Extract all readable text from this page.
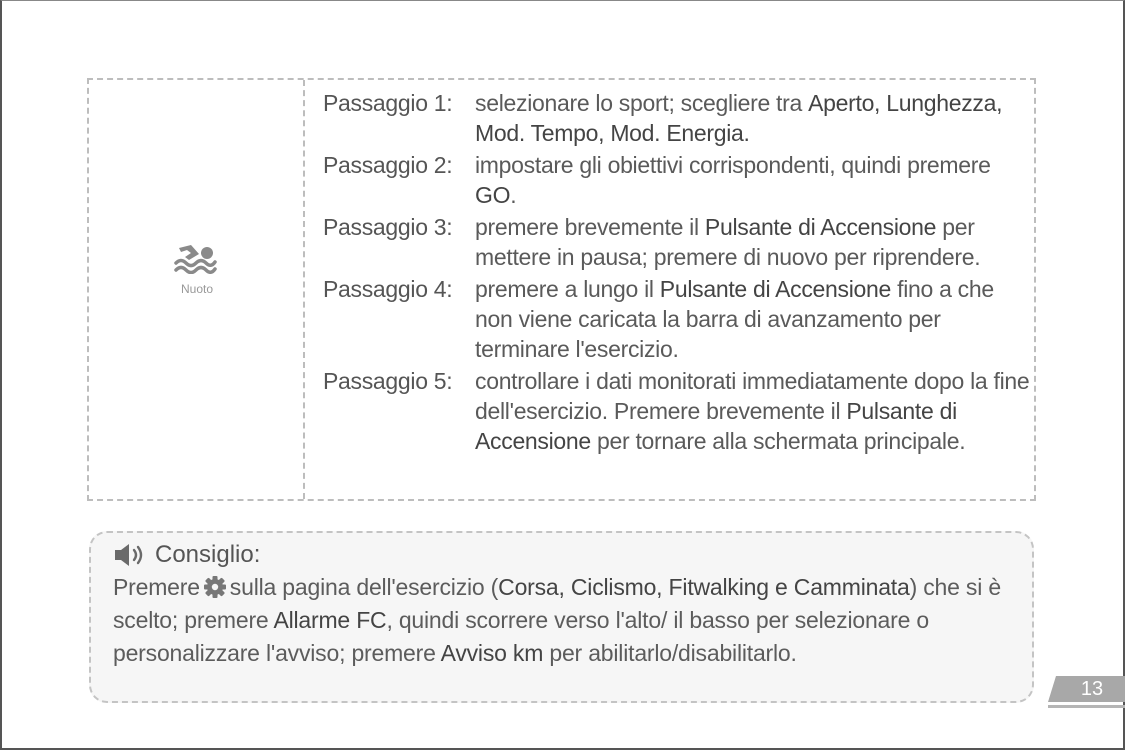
Nuoto
Passaggio 1: selezionare lo sport; scegliere tra Aperto, Lunghezza, Mod. Tempo, Mod. Energia.
Passaggio 2: impostare gli obiettivi corrispondenti, quindi premere GO.
Passaggio 3: premere brevemente il Pulsante di Accensione per mettere in pausa; premere di nuovo per riprendere.
Passaggio 4: premere a lungo il Pulsante di Accensione fino a che non viene caricata la barra di avanzamento per terminare l'esercizio.
Passaggio 5: controllare i dati monitorati immediatamente dopo la fine dell'esercizio. Premere brevemente il Pulsante di Accensione per tornare alla schermata principale.
Consiglio:
Premere sulla pagina dell'esercizio (Corsa, Ciclismo, Fitwalking e Camminata) che si è scelto; premere Allarme FC, quindi scorrere verso l'alto/ il basso per selezionare o personalizzare l'avviso; premere Avviso km per abilitarlo/disabilitarlo.
13
